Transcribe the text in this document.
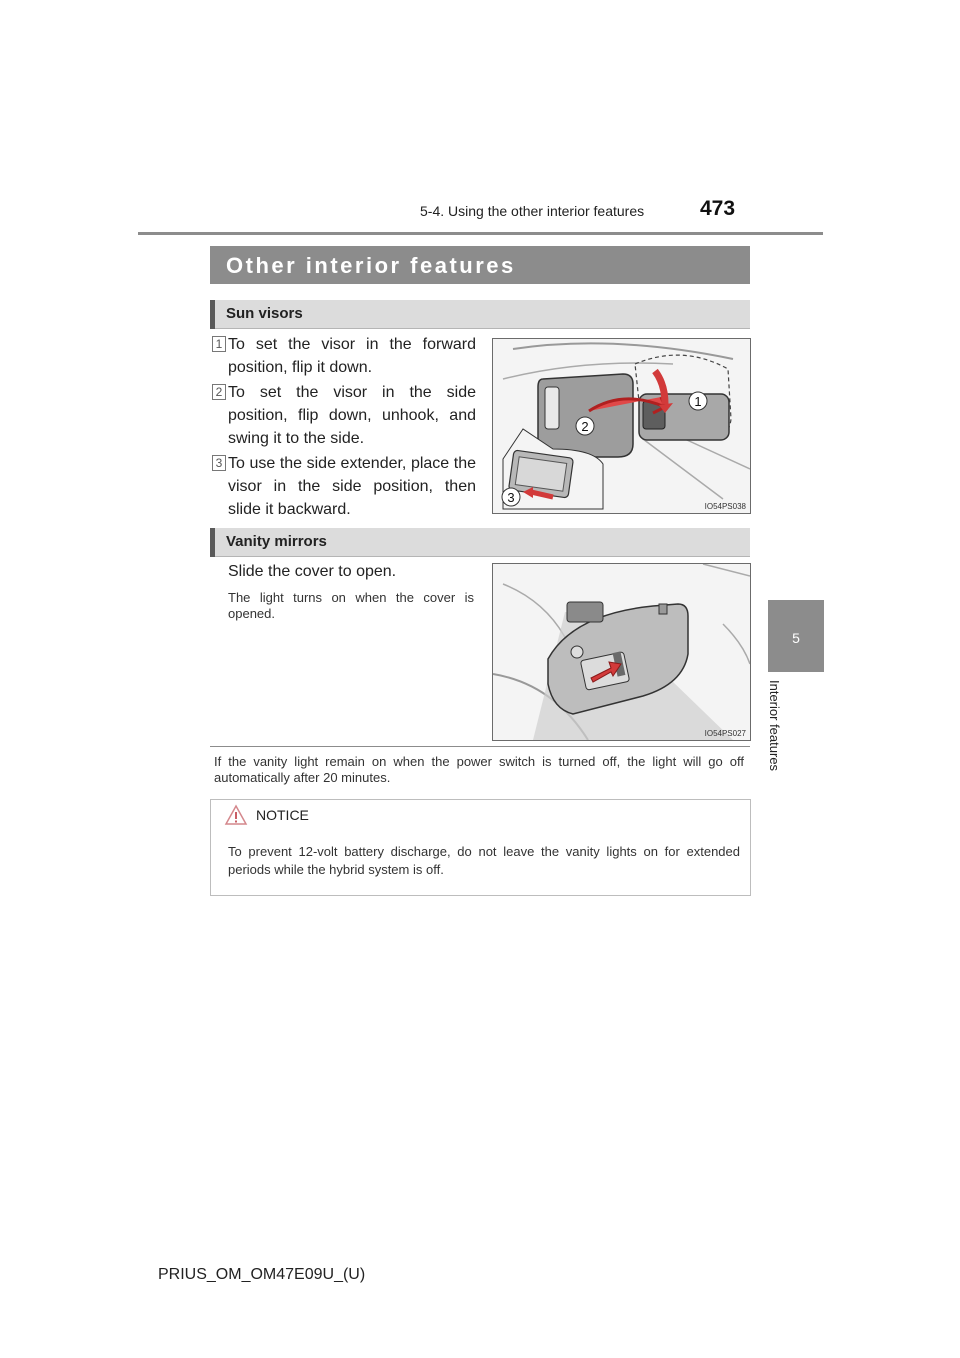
5-4. Using the other interior features	473
5
Interior features
Other interior features
Sun visors
1 To set the visor in the forward position, flip it down.
2 To set the visor in the side position, flip down, unhook, and swing it to the side.
3 To use the side extender, place the visor in the side position, then slide it backward.
1
2
3
IO54PS038
Vanity mirrors
Slide the cover to open.
The light turns on when the cover is opened.
IO54PS027
If the vanity light remain on when the power switch is turned off, the light will go off automatically after 20 minutes.
NOTICE
To prevent 12-volt battery discharge, do not leave the vanity lights on for extended periods while the hybrid system is off.
PRIUS_OM_OM47E09U_(U)
